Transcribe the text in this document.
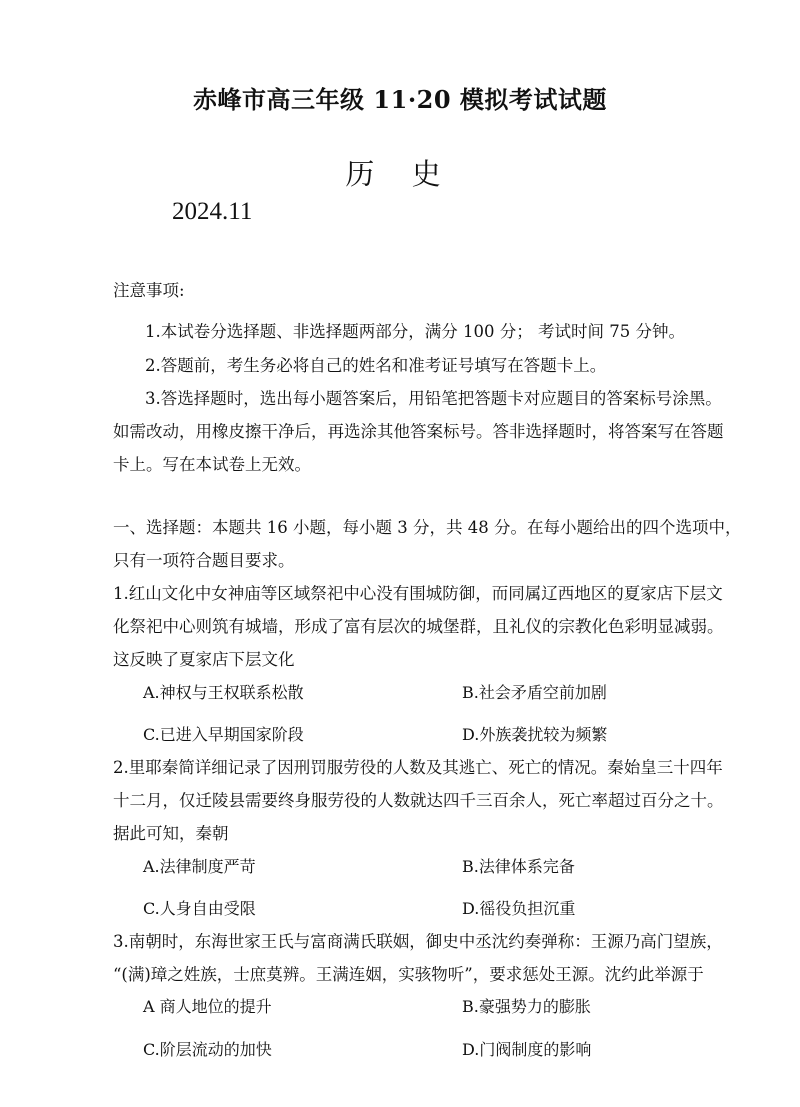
赤峰市高三年级 11·20 模拟考试试题
历 史
2024.11
注意事项:
1.本试卷分选择题、非选择题两部分，满分 100 分； 考试时间 75 分钟。
2.答题前，考生务必将自己的姓名和准考证号填写在答题卡上。
3.答选择题时，选出每小题答案后，用铅笔把答题卡对应题目的答案标号涂黑。
如需改动，用橡皮擦干净后，再选涂其他答案标号。答非选择题时，将答案写在答题
卡上。写在本试卷上无效。
一、选择题：本题共 16 小题，每小题 3 分，共 48 分。在每小题给出的四个选项中，
只有一项符合题目要求。
1.红山文化中女神庙等区域祭祀中心没有围城防御，而同属辽西地区的夏家店下层文
化祭祀中心则筑有城墙，形成了富有层次的城堡群，且礼仪的宗教化色彩明显减弱。
这反映了夏家店下层文化
A.神权与王权联系松散	B.社会矛盾空前加剧
C.已进入早期国家阶段	D.外族袭扰较为频繁
2.里耶秦简详细记录了因刑罚服劳役的人数及其逃亡、死亡的情况。秦始皇三十四年
十二月，仅迁陵县需要终身服劳役的人数就达四千三百余人，死亡率超过百分之十。
据此可知，秦朝
A.法律制度严苛	B.法律体系完备
C.人身自由受限	D.徭役负担沉重
3.南朝时，东海世家王氏与富商满氏联姻，御史中丞沈约奏弹称：王源乃高门望族，
“(满)璋之姓族，士庶莫辨。王满连姻，实骇物听”，要求惩处王源。沈约此举源于
A 商人地位的提升	B.豪强势力的膨胀
C.阶层流动的加快	D.门阀制度的影响
